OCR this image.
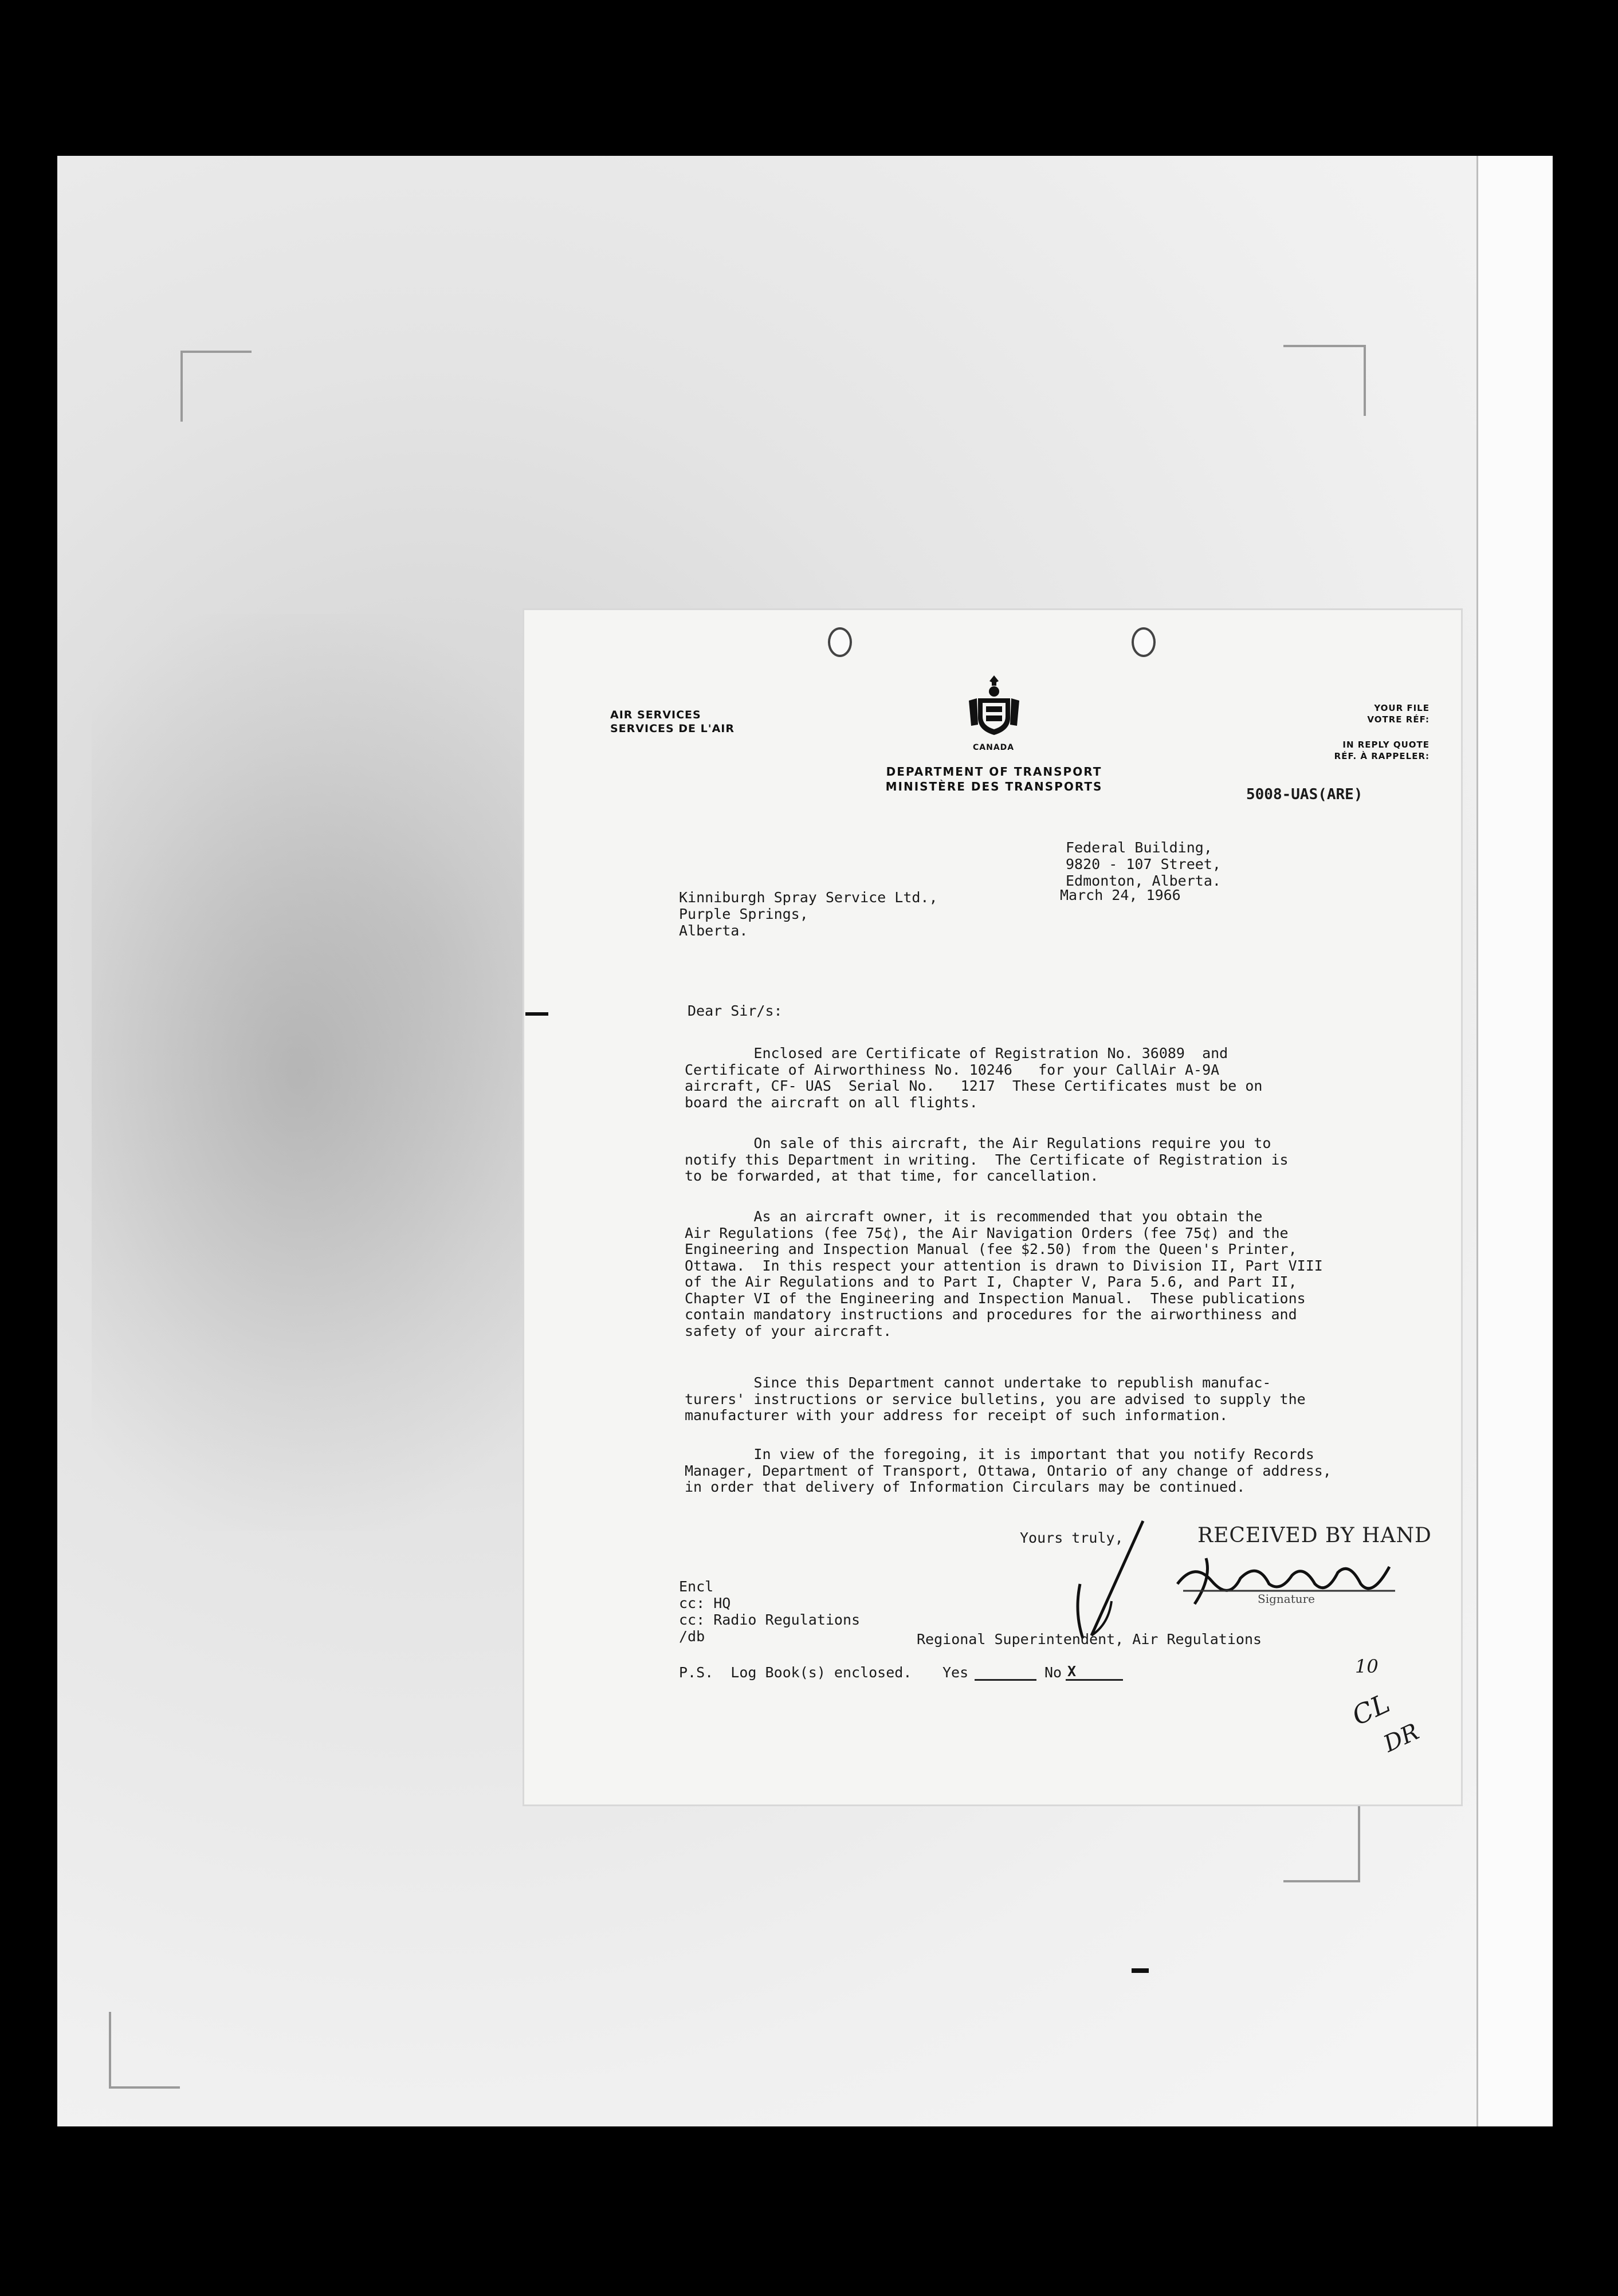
AIR SERVICES
SERVICES DE L'AIR
CANADA
DEPARTMENT OF TRANSPORT
MINISTÈRE DES TRANSPORTS
YOUR FILE
VOTRE RÉF:
IN REPLY QUOTE
RÉF. À RAPPELER:
5008-UAS(ARE)
Federal Building,
9820 - 107 Street,
Edmonton, Alberta.
March 24, 1966
Kinniburgh Spray Service Ltd.,
Purple Springs,
Alberta.
Dear Sir/s:
Enclosed are Certificate of Registration No. 36089  and
Certificate of Airworthiness No. 10246   for your CallAir A-9A
aircraft, CF- UAS  Serial No.   1217  These Certificates must be on
board the aircraft on all flights.
On sale of this aircraft, the Air Regulations require you to
notify this Department in writing.  The Certificate of Registration is
to be forwarded, at that time, for cancellation.
As an aircraft owner, it is recommended that you obtain the
Air Regulations (fee 75¢), the Air Navigation Orders (fee 75¢) and the
Engineering and Inspection Manual (fee $2.50) from the Queen's Printer,
Ottawa.  In this respect your attention is drawn to Division II, Part VIII
of the Air Regulations and to Part I, Chapter V, Para 5.6, and Part II,
Chapter VI of the Engineering and Inspection Manual.  These publications
contain mandatory instructions and procedures for the airworthiness and
safety of your aircraft.
Since this Department cannot undertake to republish manufac-
turers' instructions or service bulletins, you are advised to supply the
manufacturer with your address for receipt of such information.
In view of the foregoing, it is important that you notify Records
Manager, Department of Transport, Ottawa, Ontario of any change of address,
in order that delivery of Information Circulars may be continued.
Yours truly,	RECEIVED BY HAND
Signature
Encl
cc: HQ
cc: Radio Regulations
/db	Regional Superintendent, Air Regulations
P.S.  Log Book(s) enclosed. Yes	No X	10
CL
DR
